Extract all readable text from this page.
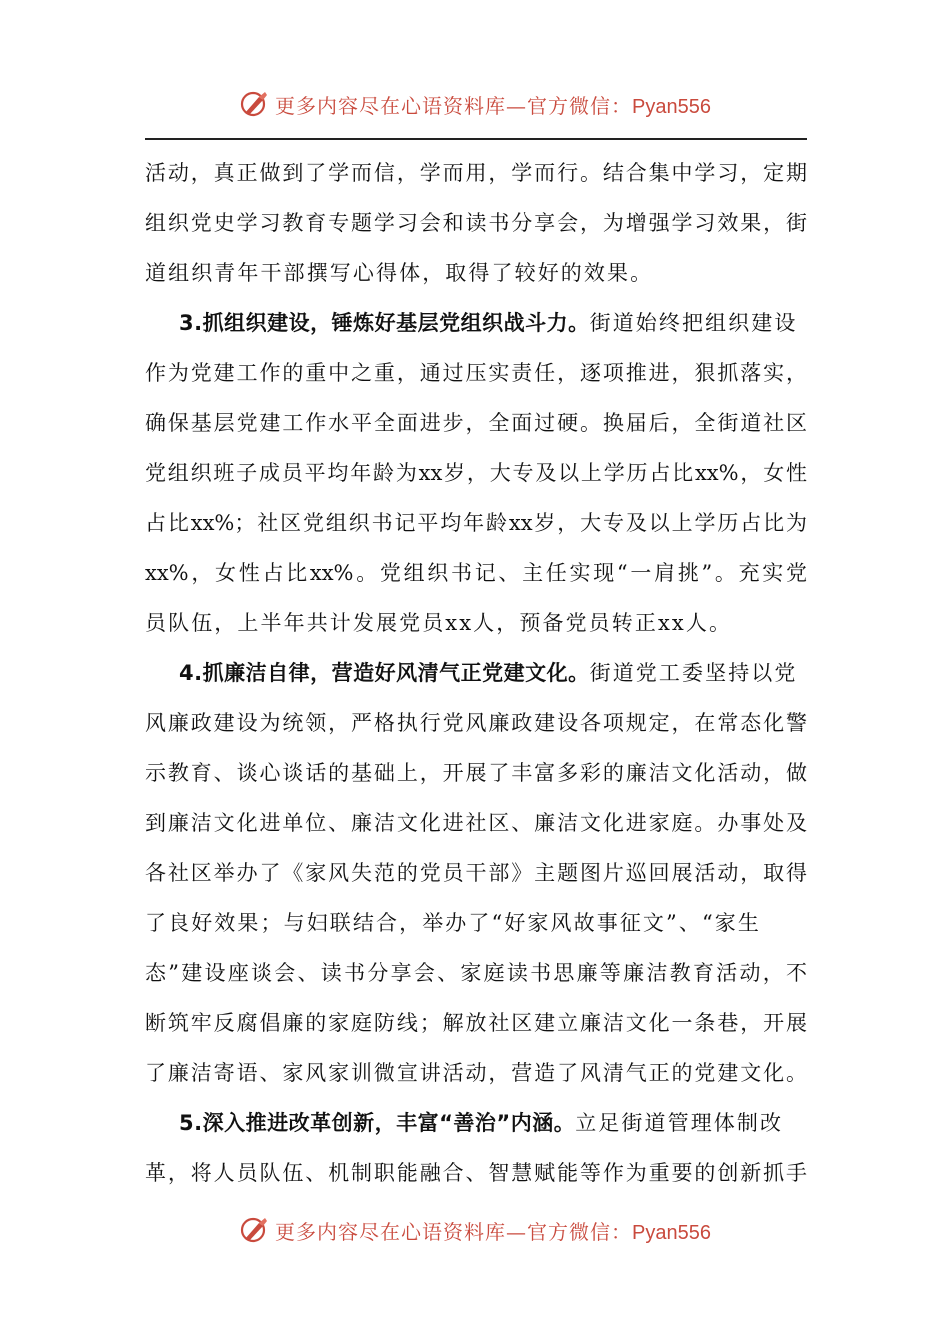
更多内容尽在心语资料库—官方微信：Pyan556
活动，真正做到了学而信，学而用，学而行。结合集中学习，定期
组织党史学习教育专题学习会和读书分享会，为增强学习效果，街
道组织青年干部撰写心得体，取得了较好的效果。
3.抓组织建设，锤炼好基层党组织战斗力。街道始终把组织建设
作为党建工作的重中之重，通过压实责任，逐项推进，狠抓落实，
确保基层党建工作水平全面进步，全面过硬。换届后，全街道社区
党组织班子成员平均年龄为xx岁，大专及以上学历占比xx%，女性
占比xx%；社区党组织书记平均年龄xx岁，大专及以上学历占比为
xx%，女性占比xx%。党组织书记、主任实现“一肩挑”。充实党
员队伍，上半年共计发展党员xx人，预备党员转正xx人。
4.抓廉洁自律，营造好风清气正党建文化。街道党工委坚持以党
风廉政建设为统领，严格执行党风廉政建设各项规定，在常态化警
示教育、谈心谈话的基础上，开展了丰富多彩的廉洁文化活动，做
到廉洁文化进单位、廉洁文化进社区、廉洁文化进家庭。办事处及
各社区举办了《家风失范的党员干部》主题图片巡回展活动，取得
了良好效果；与妇联结合，举办了“好家风故事征文”、“家生
态”建设座谈会、读书分享会、家庭读书思廉等廉洁教育活动，不
断筑牢反腐倡廉的家庭防线；解放社区建立廉洁文化一条巷，开展
了廉洁寄语、家风家训微宣讲活动，营造了风清气正的党建文化。
5.深入推进改革创新，丰富“善治”内涵。立足街道管理体制改
革，将人员队伍、机制职能融合、智慧赋能等作为重要的创新抓手
更多内容尽在心语资料库—官方微信：Pyan556
